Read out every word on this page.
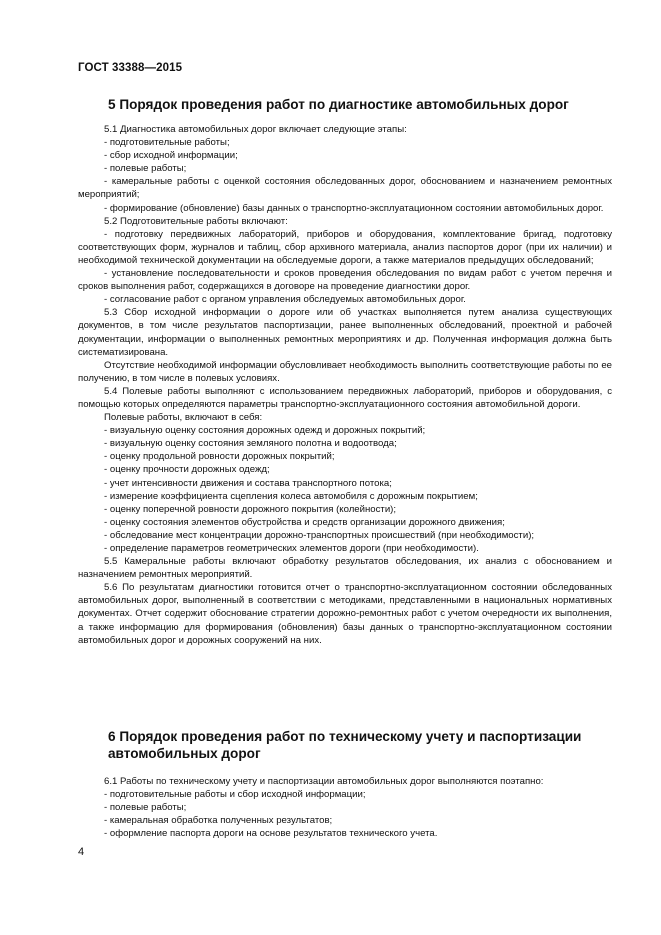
ГОСТ 33388—2015
5 Порядок проведения работ по диагностике автомобильных дорог

5.1 Диагностика автомобильных дорог включает следующие этапы:

- подготовительные работы;

- сбор исходной информации;

- полевые работы;

- камеральные работы с оценкой состояния обследованных дорог, обоснованием и назначением ремонтных мероприятий;

- формирование (обновление) базы данных о транспортно-эксплуатационном состоянии автомобильных дорог.

5.2 Подготовительные работы включают:

- подготовку передвижных лабораторий, приборов и оборудования, комплектование бригад, подготовку соответствующих форм, журналов и таблиц, сбор архивного материала, анализ паспортов дорог (при их наличии) и необходимой технической документации на обследуемые дороги, а также материалов предыдущих обследований;

- установление последовательности и сроков проведения обследования по видам работ с учетом перечня и сроков выполнения работ, содержащихся в договоре на проведение диагностики дорог.

- согласование работ с органом управления обследуемых автомобильных дорог.

5.3 Сбор исходной информации о дороге или об участках выполняется путем анализа существующих документов, в том числе результатов паспортизации, ранее выполненных обследований, проектной и рабочей документации, информации о выполненных ремонтных мероприятиях и др. Полученная информация должна быть систематизирована.

Отсутствие необходимой информации обусловливает необходимость выполнить соответствующие работы по ее получению, в том числе в полевых условиях.

5.4 Полевые работы выполняют с использованием передвижных лабораторий, приборов и оборудования, с помощью которых определяются параметры транспортно-эксплуатационного состояния автомобильной дороги.

Полевые работы, включают в себя:

- визуальную оценку состояния дорожных одежд и дорожных покрытий;

- визуальную оценку состояния земляного полотна и водоотвода;

- оценку продольной ровности дорожных покрытий;

- оценку прочности дорожных одежд;

- учет интенсивности движения и состава транспортного потока;

- измерение коэффициента сцепления колеса автомобиля с дорожным покрытием;

- оценку поперечной ровности дорожного покрытия (колейности);

- оценку состояния элементов обустройства и средств организации дорожного движения;

- обследование мест концентрации дорожно-транспортных происшествий (при необходимости);

- определение параметров геометрических элементов дороги (при необходимости).

5.5 Камеральные работы включают обработку результатов обследования, их анализ с обоснованием и назначением ремонтных мероприятий.

5.6 По результатам диагностики готовится отчет о транспортно-эксплуатационном состоянии обследованных автомобильных дорог, выполненный в соответствии с методиками, представленными в национальных нормативных документах. Отчет содержит обоснование стратегии дорожно-ремонтных работ с учетом очередности их выполнения, а также информацию для формирования (обновления) базы данных о транспортно-эксплуатационном состоянии автомобильных дорог и дорожных сооружений на них.

6 Порядок проведения работ по техническому учету и паспортизации автомобильных дорог

6.1 Работы по техническому учету и паспортизации автомобильных дорог выполняются поэтапно:

- подготовительные работы и сбор исходной информации;

- полевые работы;

- камеральная обработка полученных результатов;

- оформление паспорта дороги на основе результатов технического учета.

4
